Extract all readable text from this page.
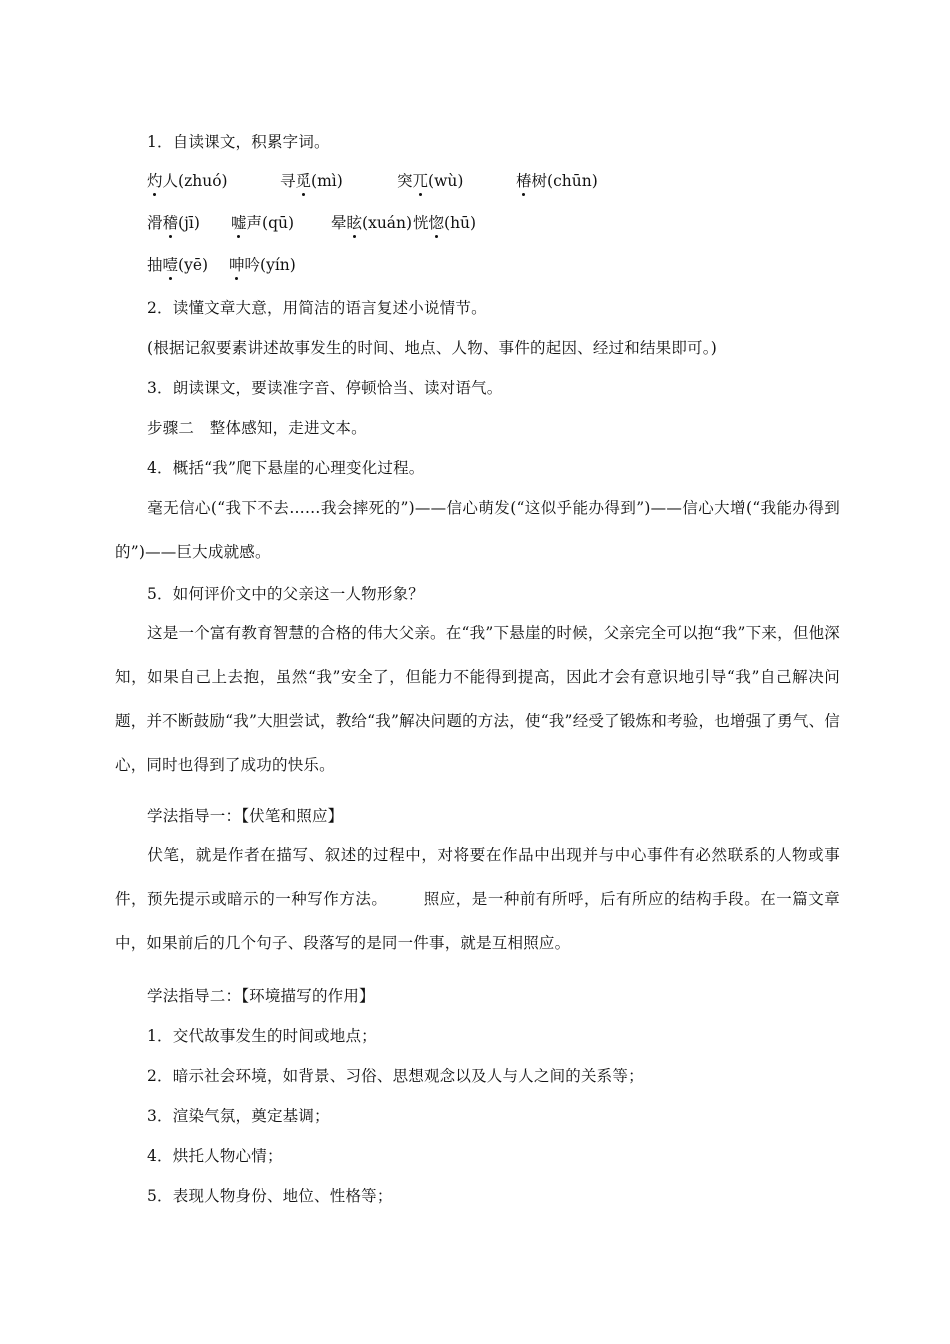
1．自读课文，积累字词。
灼人(zhuó)	寻觅(mì)	突兀(wù)	椿树(chūn)
滑稽(jī) 嘘声(qū) 晕眩(xuán) 恍惚(hū)
抽噎(yē) 呻吟(yín)
2．读懂文章大意，用简洁的语言复述小说情节。
(根据记叙要素讲述故事发生的时间、地点、人物、事件的起因、经过和结果即可。)
3．朗读课文，要读准字音、停顿恰当、读对语气。
步骤二　整体感知，走进文本。
4．概括“我”爬下悬崖的心理变化过程。
毫无信心(“我下不去……我会摔死的”)——信心萌发(“这似乎能办得到”)——信心大增(“我能办得到的”)——巨大成就感。
5．如何评价文中的父亲这一人物形象？
这是一个富有教育智慧的合格的伟大父亲。在“我”下悬崖的时候，父亲完全可以抱“我”下来，但他深知，如果自己上去抱，虽然“我”安全了，但能力不能得到提高，因此才会有意识地引导“我”自己解决问题，并不断鼓励“我”大胆尝试，教给“我”解决问题的方法，使“我”经受了锻炼和考验，也增强了勇气、信心，同时也得到了成功的快乐。
学法指导一：【伏笔和照应】
伏笔，就是作者在描写、叙述的过程中，对将要在作品中出现并与中心事件有必然联系的人物或事件，预先提示或暗示的一种写作方法。 照应，是一种前有所呼，后有所应的结构手段。在一篇文章中，如果前后的几个句子、段落写的是同一件事，就是互相照应。
学法指导二：【环境描写的作用】
1．交代故事发生的时间或地点；
2．暗示社会环境，如背景、习俗、思想观念以及人与人之间的关系等；
3．渲染气氛，奠定基调；
4．烘托人物心情；
5．表现人物身份、地位、性格等；
